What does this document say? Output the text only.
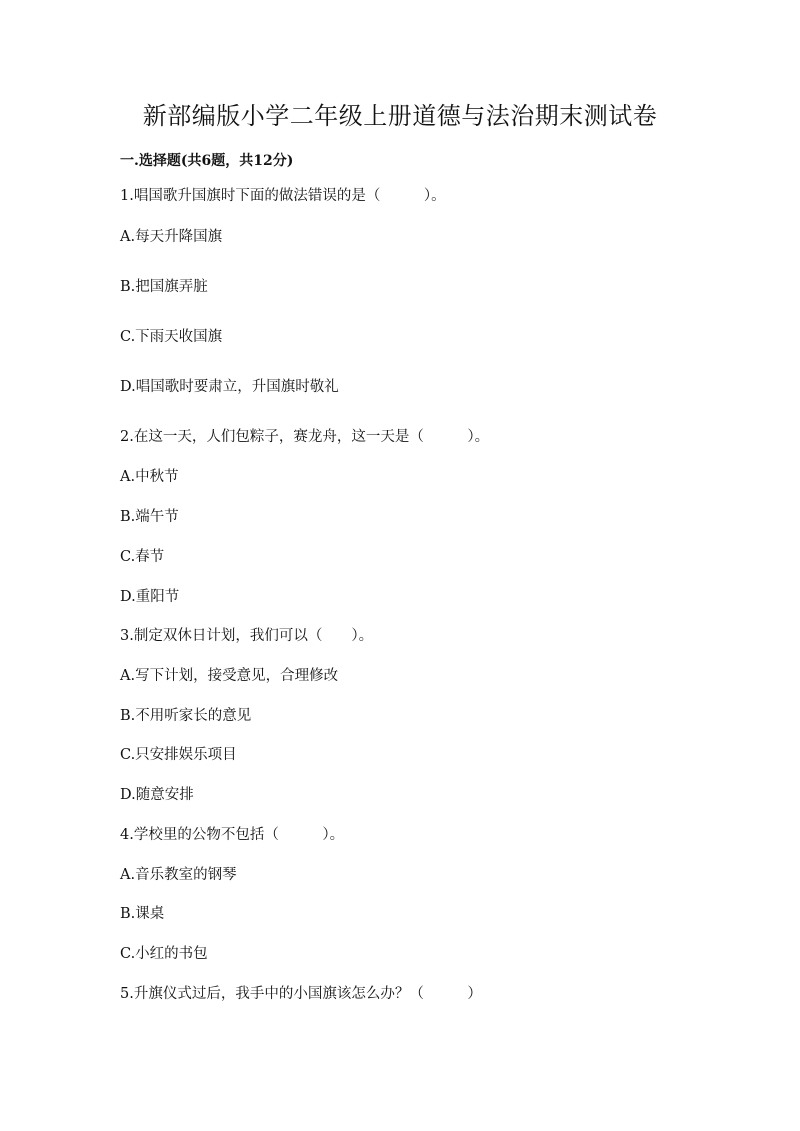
新部编版小学二年级上册道德与法治期末测试卷
一.选择题(共6题，共12分)
1.唱国歌升国旗时下面的做法错误的是（　　　）。
A.每天升降国旗
B.把国旗弄脏
C.下雨天收国旗
D.唱国歌时要肃立，升国旗时敬礼
2.在这一天，人们包粽子，赛龙舟，这一天是（　　　）。
A.中秋节
B.端午节
C.春节
D.重阳节
3.制定双休日计划，我们可以（　　）。
A.写下计划，接受意见，合理修改
B.不用听家长的意见
C.只安排娱乐项目
D.随意安排
4.学校里的公物不包括（　　　）。
A.音乐教室的钢琴
B.课桌
C.小红的书包
5.升旗仪式过后，我手中的小国旗该怎么办？（　　　）
